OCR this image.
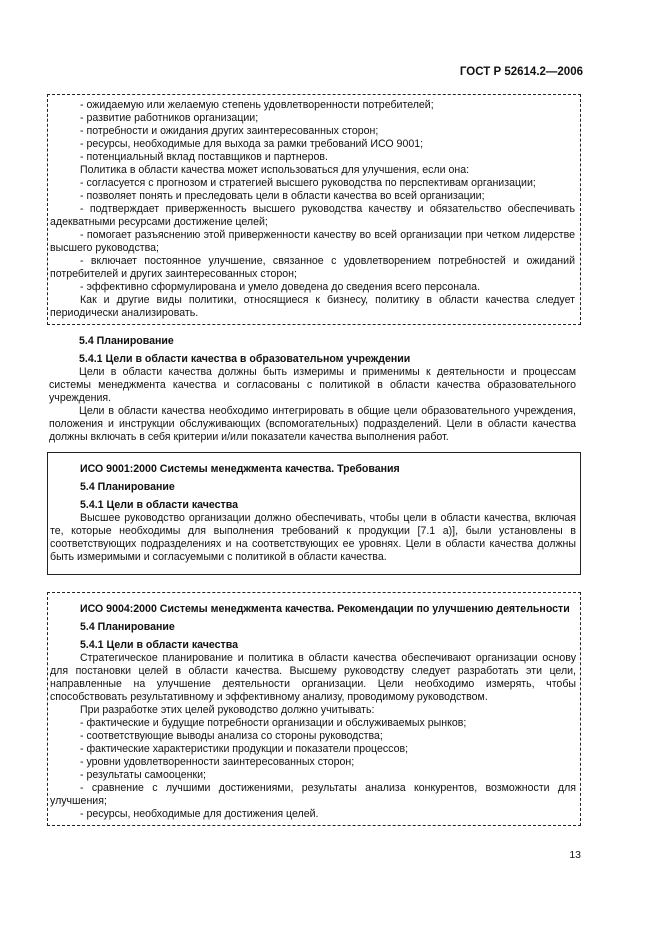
ГОСТ Р 52614.2—2006

- ожидаемую или желаемую степень удовлетворенности потребителей;

- развитие работников организации;

- потребности и ожидания других заинтересованных сторон;

- ресурсы, необходимые для выхода за рамки требований ИСО 9001;

- потенциальный вклад поставщиков и партнеров.

Политика в области качества может использоваться для улучшения, если она:

- согласуется с прогнозом и стратегией высшего руководства по перспективам организации;

- позволяет понять и преследовать цели в области качества во всей организации;

- подтверждает приверженность высшего руководства качеству и обязательство обеспечивать адекватными ресурсами достижение целей;

- помогает разъяснению этой приверженности качеству во всей организации при четком лидерстве высшего руководства;

- включает постоянное улучшение, связанное с удовлетворением потребностей и ожиданий потребителей и других заинтересованных сторон;

- эффективно сформулирована и умело доведена до сведения всего персонала.

Как и другие виды политики, относящиеся к бизнесу, политику в области качества следует периодически анализировать.

5.4 Планирование

5.4.1 Цели в области качества в образовательном учреждении

Цели в области качества должны быть измеримы и применимы к деятельности и процессам системы менеджмента качества и согласованы с политикой в области качества образовательного учреждения.

Цели в области качества необходимо интегрировать в общие цели образовательного учреждения, положения и инструкции обслуживающих (вспомогательных) подразделений. Цели в области качества должны включать в себя критерии и/или показатели качества выполнения работ.

ИСО 9001:2000 Системы менеджмента качества. Требования

5.4 Планирование

5.4.1 Цели в области качества

Высшее руководство организации должно обеспечивать, чтобы цели в области качества, включая те, которые необходимы для выполнения требований к продукции [7.1 а)], были установлены в соответствующих подразделениях и на соответствующих ее уровнях. Цели в области качества должны быть измеримыми и согласуемыми с политикой в области качества.

ИСО 9004:2000 Системы менеджмента качества. Рекомендации по улучшению деятельности

5.4 Планирование

5.4.1 Цели в области качества

Стратегическое планирование и политика в области качества обеспечивают организации основу для постановки целей в области качества. Высшему руководству следует разработать эти цели, направленные на улучшение деятельности организации. Цели необходимо измерять, чтобы способствовать результативному и эффективному анализу, проводимому руководством.

При разработке этих целей руководство должно учитывать:

- фактические и будущие потребности организации и обслуживаемых рынков;

- соответствующие выводы анализа со стороны руководства;

- фактические характеристики продукции и показатели процессов;

- уровни удовлетворенности заинтересованных сторон;

- результаты самооценки;

- сравнение с лучшими достижениями, результаты анализа конкурентов, возможности для улучшения;

- ресурсы, необходимые для достижения целей.

13
